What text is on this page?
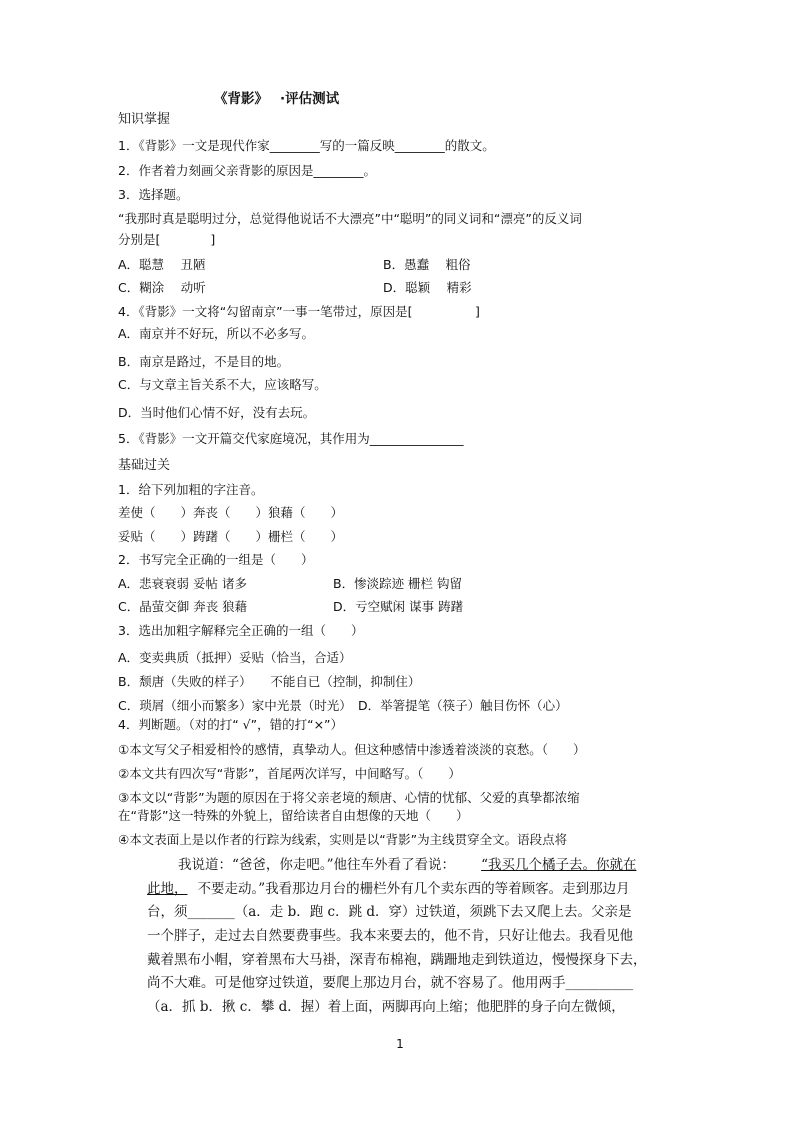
《背影》 ·评估测试
知识掌握
1．《背影》一文是现代作家________写的一篇反映________的散文。
2．作者着力刻画父亲背影的原因是________。
3．选择题。
“我那时真是聪明过分，总觉得他说话不大漂亮”中“聪明”的同义词和“漂亮”的反义词
分别是[　　　　]
A．聪慧　 丑陋	B．愚蠢　 粗俗
C．糊涂　 动听	D．聪颖　 精彩
4．《背影》一文将“勾留南京”一事一笔带过，原因是[　　　　　]
A．南京并不好玩，所以不必多写。
B．南京是路过，不是目的地。
C．与文章主旨关系不大，应该略写。
D．当时他们心情不好，没有去玩。
5．《背影》一文开篇交代家庭境况，其作用为_______________
基础过关
1．给下列加粗的字注音。
差使（　　）奔丧（　　）狼藉（　　）
妥贴（　　）踌躇（　　）栅栏（　　）
2．书写完全正确的一组是（　　）
A．悲衰衰弱 妥帖 诸多	B．惨淡踪迹 栅栏 钩留
C．晶萤交御 奔丧 狼藉	D．亏空赋闲 谋事 踌躇
3．选出加粗字解释完全正确的一组（　　）
A．变卖典质（抵押）妥贴（恰当，合适）
B．颓唐（失败的样子）　　不能自已（控制，抑制住）
C．琐屑（细小而繁多）家中光景（时光）　D．举箸提笔（筷子）触目伤怀（心）
4．判断题。（对的打“ √”，错的打“×”）
①本文写父子相爱相怜的感情，真挚动人。但这种感情中渗透着淡淡的哀愁。（　　）
②本文共有四次写“背影”，首尾两次详写，中间略写。（　　）
③本文以“背影”为题的原因在于将父亲老境的颓唐、心情的忧郁、父爱的真挚都浓缩
在“背影”这一特殊的外貌上，留给读者自由想像的天地（　　）
④本文表面上是以作者的行踪为线索，实则是以“背影”为主线贯穿全文。语段点将
我说道：“爸爸，你走吧。”他往车外看了看说： “我买几个橘子去。你就在
此地， 不要走动。”我看那边月台的栅栏外有几个卖东西的等着顾客。走到那边月
台，须_______（a．走 b．跑 c．跳 d．穿）过铁道，须跳下去又爬上去。父亲是
一个胖子，走过去自然要费事些。我本来要去的，他不肯，只好让他去。我看见他
戴着黑布小帽，穿着黑布大马褂，深青布棉袍，蹒跚地走到铁道边，慢慢探身下去，
尚不大难。可是他穿过铁道，要爬上那边月台，就不容易了。他用两手__________
（a．抓 b．揪 c．攀 d．握）着上面，两脚再向上缩；他肥胖的身子向左微倾，
1
